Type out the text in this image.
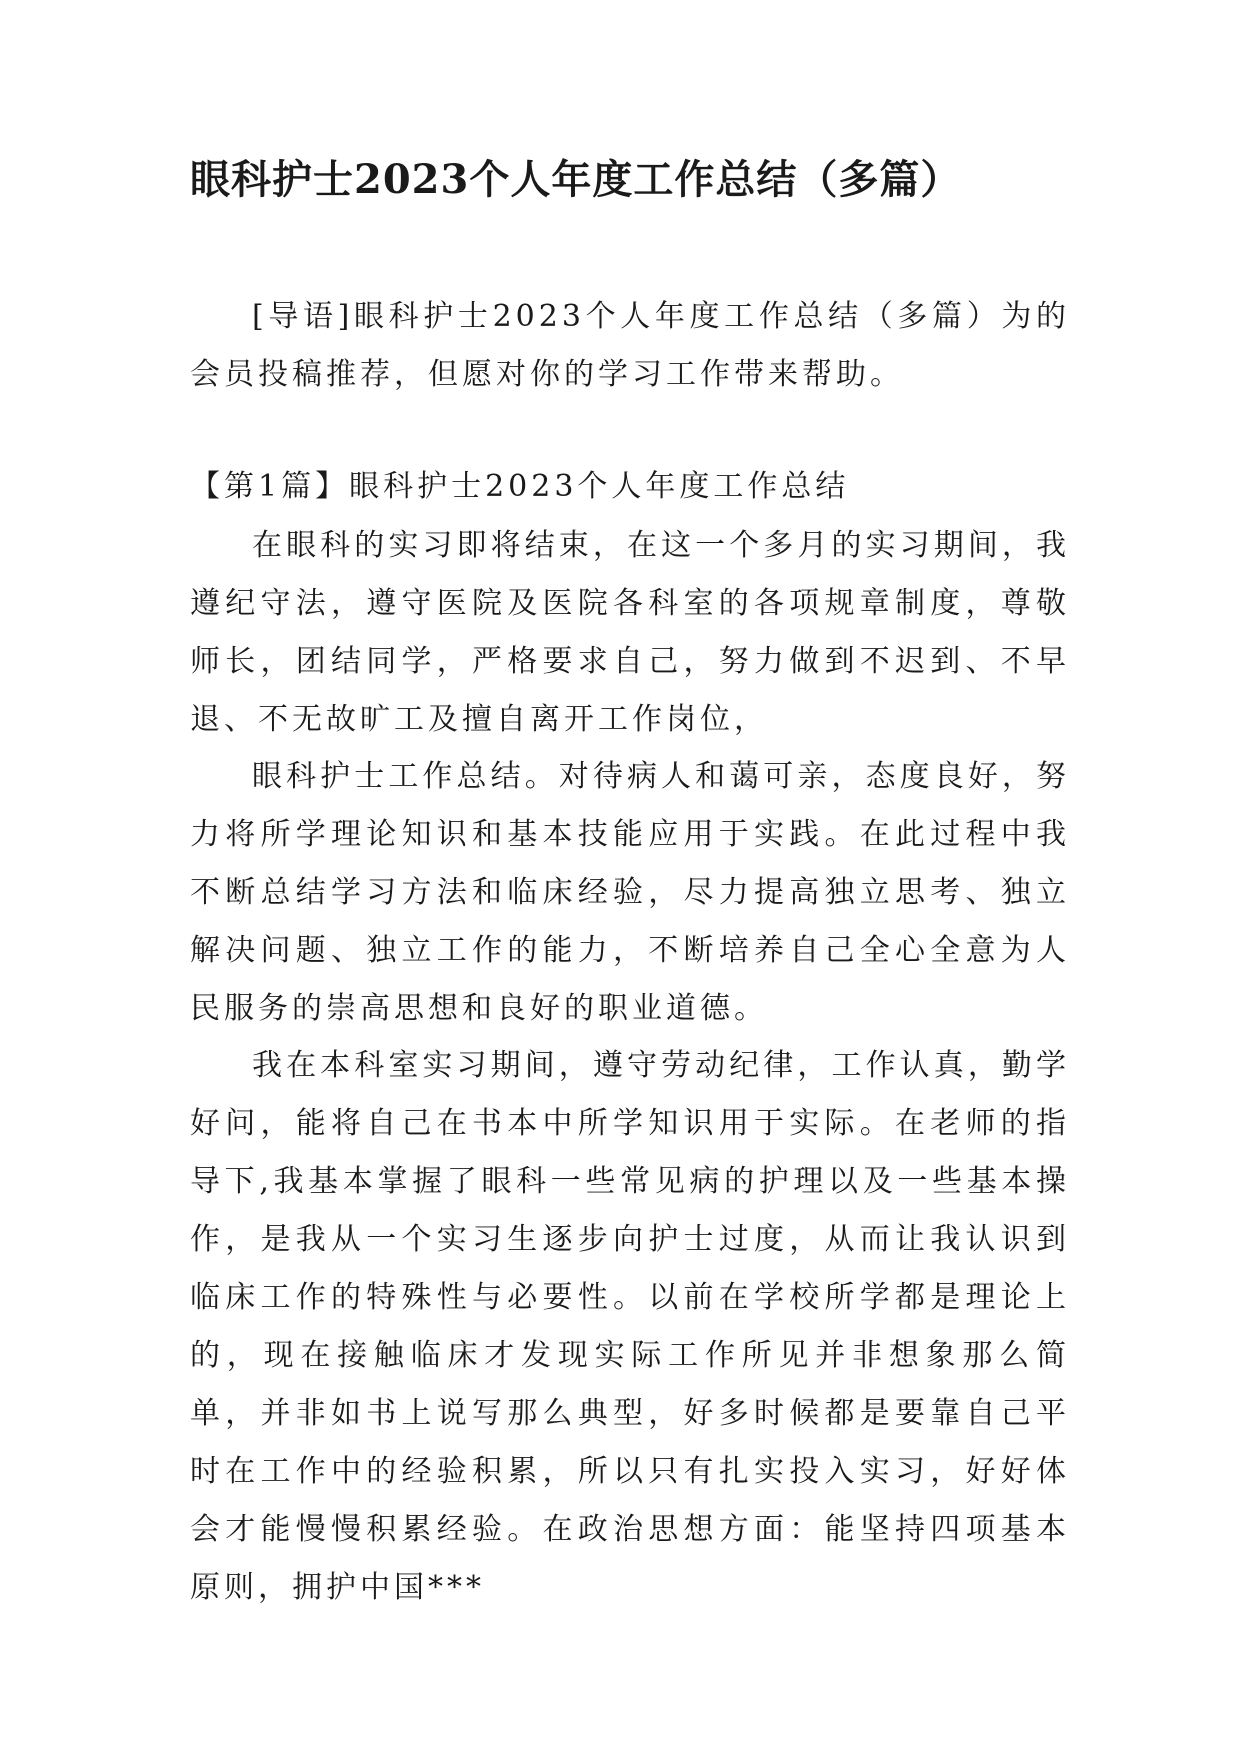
眼科护士2023个人年度工作总结（多篇）

[导语]眼科护士2023个人年度工作总结（多篇）为的会员投稿推荐，但愿对你的学习工作带来帮助。

【第1篇】眼科护士2023个人年度工作总结

在眼科的实习即将结束，在这一个多月的实习期间，我遵纪守法，遵守医院及医院各科室的各项规章制度，尊敬师长，团结同学，严格要求自己，努力做到不迟到、不早退、不无故旷工及擅自离开工作岗位，

眼科护士工作总结。对待病人和蔼可亲，态度良好，努力将所学理论知识和基本技能应用于实践。在此过程中我不断总结学习方法和临床经验，尽力提高独立思考、独立解决问题、独立工作的能力，不断培养自己全心全意为人民服务的崇高思想和良好的职业道德。

我在本科室实习期间，遵守劳动纪律，工作认真，勤学好问，能将自己在书本中所学知识用于实际。在老师的指导下,我基本掌握了眼科一些常见病的护理以及一些基本操作，是我从一个实习生逐步向护士过度，从而让我认识到临床工作的特殊性与必要性。以前在学校所学都是理论上的，现在接触临床才发现实际工作所见并非想象那么简单，并非如书上说写那么典型，好多时候都是要靠自己平时在工作中的经验积累，所以只有扎实投入实习，好好体会才能慢慢积累经验。在政治思想方面：能坚持四项基本原则，拥护中国***
